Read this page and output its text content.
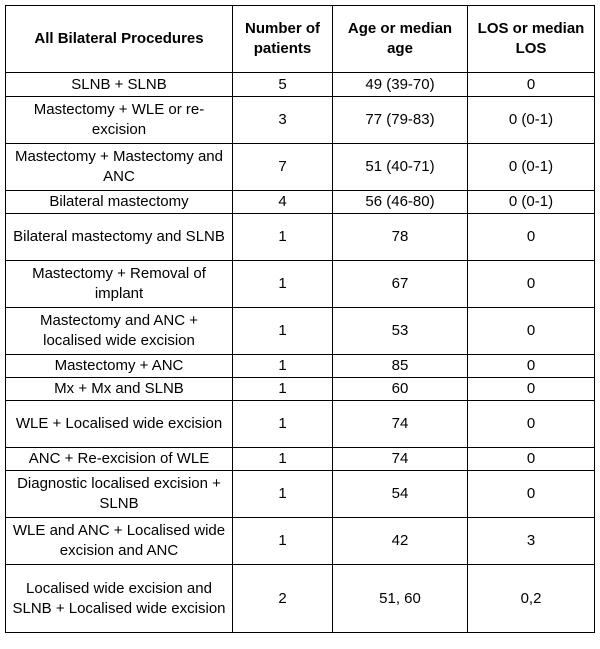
All Bilateral Procedures	Number of patients	Age or median age	LOS or median LOS
SLNB + SLNB	5	49 (39-70)	0
Mastectomy + WLE or re-excision	3	77 (79-83)	0 (0-1)
Mastectomy + Mastectomy and ANC	7	51 (40-71)	0 (0-1)
Bilateral mastectomy	4	56 (46-80)	0 (0-1)
Bilateral mastectomy and SLNB	1	78	0
Mastectomy + Removal of implant	1	67	0
Mastectomy and ANC + localised wide excision	1	53	0
Mastectomy + ANC	1	85	0
Mx + Mx and SLNB	1	60	0
WLE + Localised wide excision	1	74	0
ANC + Re-excision of WLE	1	74	0
Diagnostic localised excision + SLNB	1	54	0
WLE and ANC + Localised wide excision and ANC	1	42	3
Localised wide excision and SLNB + Localised wide excision	2	51, 60	0,2
